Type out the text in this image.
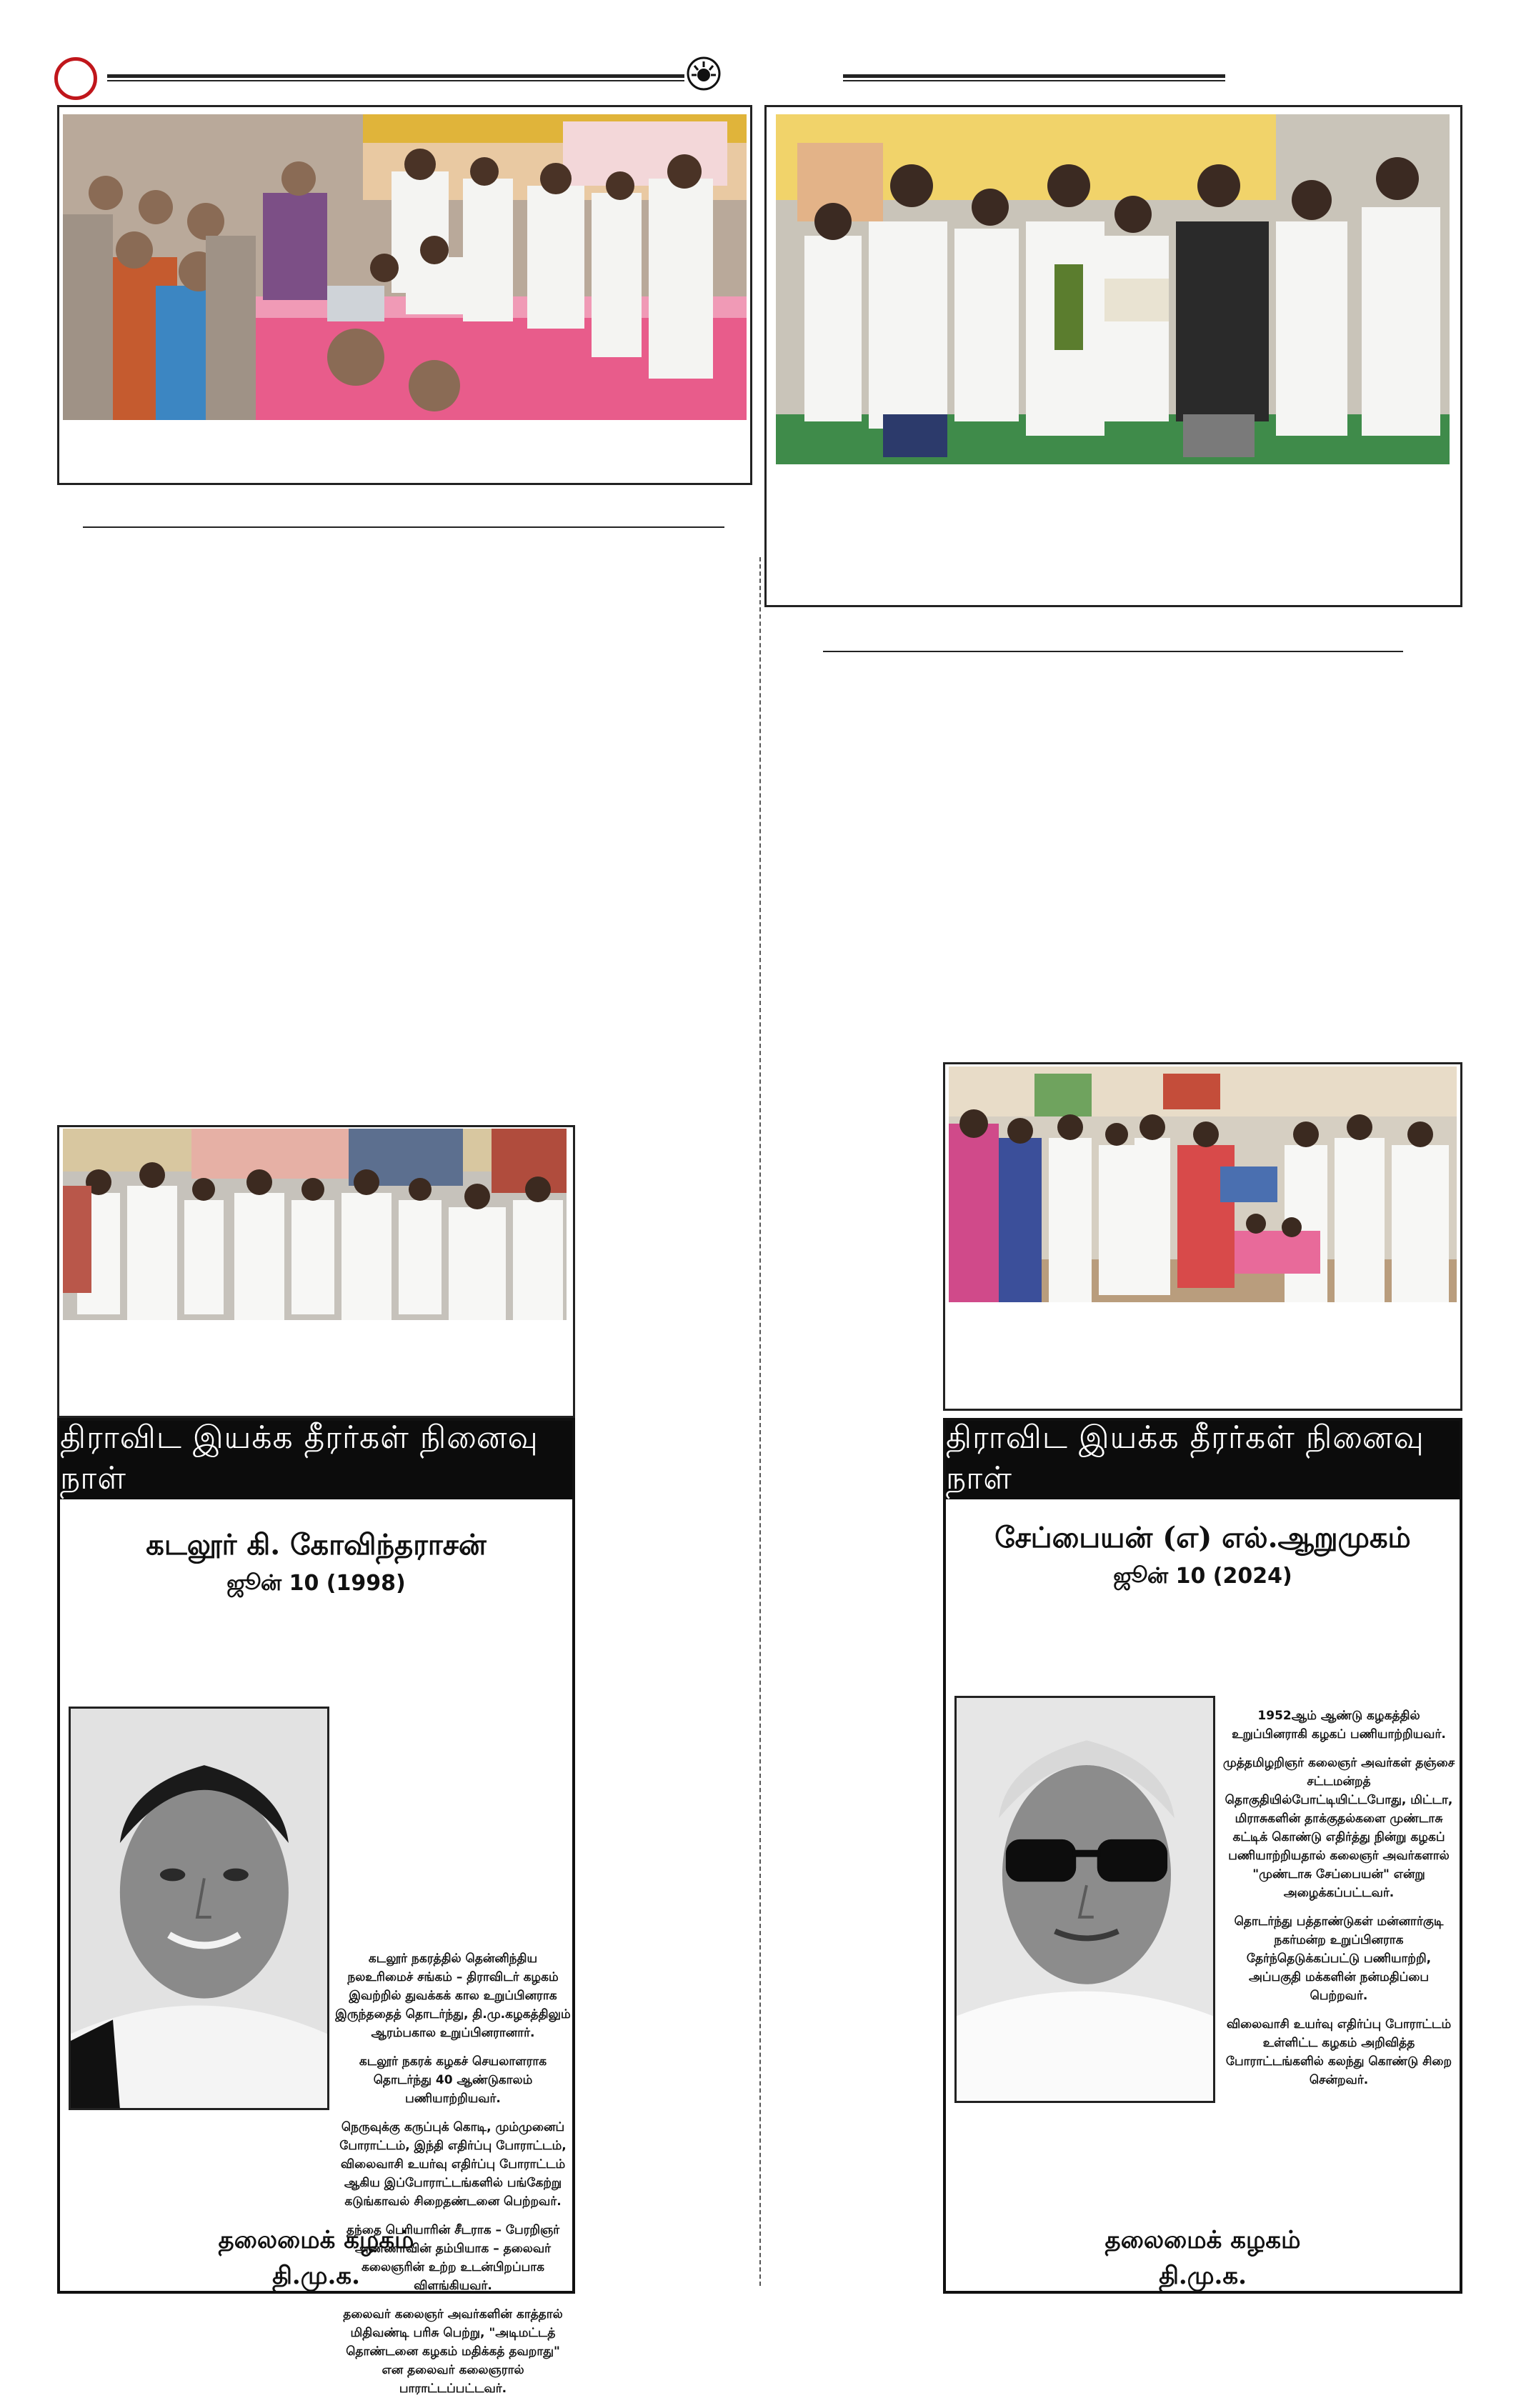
திராவிட இயக்க தீரர்கள் நினைவு நாள்
கடலூர் கி. கோவிந்தராசன்
ஜூன் 10 (1998)

கடலூர் நகரத்தில் தென்னிந்திய நலஉரிமைச் சங்கம் – திராவிடர் கழகம் இவற்றில் துவக்கக் கால உறுப்பினராக இருந்ததைத் தொடர்ந்து, தி.மு.கழகத்திலும் ஆரம்பகால உறுப்பினரானார்.

கடலூர் நகரக் கழகச் செயலாளராக தொடர்ந்து 40 ஆண்டுகாலம் பணியாற்றியவர்.

நெருவுக்கு கருப்புக் கொடி, மும்முனைப் போராட்டம், இந்தி எதிர்ப்பு போராட்டம், விலைவாசி உயர்வு எதிர்ப்பு போராட்டம் ஆகிய இப்போராட்டங்களில் பங்கேற்று கடுங்காவல் சிறைதண்டனை பெற்றவர்.

தந்தை பெரியாரின் சீடராக – பேரறிஞர் அண்ணாவின் தம்பியாக – தலைவர் கலைஞரின் உற்ற உடன்பிறப்பாக விளங்கியவர்.

தலைவர் கலைஞர் அவர்களின் காத்தால் மிதிவண்டி பரிசு பெற்று, "அடிமட்டத் தொண்டனை கழகம் மதிக்கத் தவறாது" என தலைவர் கலைஞரால் பாராட்டப்பட்டவர்.

தலைமைக் கழகம்
தி.மு.க.
திராவிட இயக்க தீரர்கள் நினைவு நாள்
சேப்பையன் (எ) எல்.ஆறுமுகம்
ஜூன் 10 (2024)

1952ஆம் ஆண்டு கழகத்தில் உறுப்பினராகி கழகப் பணியாற்றியவர்.

முத்தமிழறிஞர் கலைஞர் அவர்கள் தஞ்சை சட்டமன்றத் தொகுதியில்போட்டியிட்டபோது, மிட்டா, மிராசுகளின் தாக்குதல்களை முண்டாசு கட்டிக் கொண்டு எதிர்த்து நின்று கழகப் பணியாற்றியதால் கலைஞர் அவர்களால் "முண்டாசு சேப்பையன்" என்று அழைக்கப்பட்டவர்.

தொடர்ந்து பத்தாண்டுகள் மன்னார்குடி நகர்மன்ற உறுப்பினராக தேர்ந்தெடுக்கப்பட்டு பணியாற்றி, அப்பகுதி மக்களின் நன்மதிப்பை பெற்றவர்.

விலைவாசி உயர்வு எதிர்ப்பு போராட்டம் உள்ளிட்ட கழகம் அறிவித்த போராட்டங்களில் கலந்து கொண்டு சிறை சென்றவர்.

தலைமைக் கழகம்
தி.மு.க.
